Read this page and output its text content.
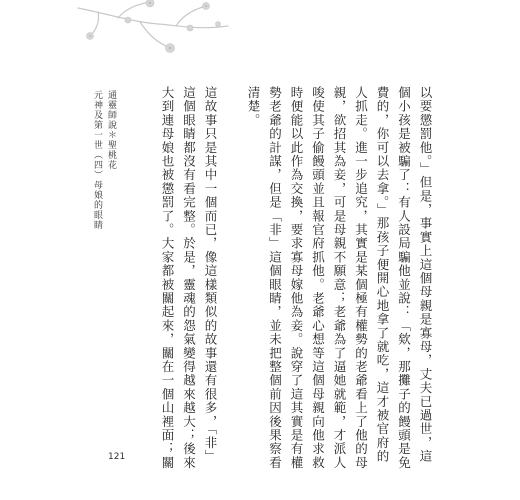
通靈師說＊聖桃花
元神及第一世（四）母娘的眼睛	以要懲罰他。」但是，事實上這個母親是寡母，丈夫已過世，這
個小孩是被騙了：有人設局騙他並說：「欸，那攤子的饅頭是免
費的，你可以去拿。」那孩子便開心地拿了就吃，這才被官府的
人抓走。進一步追究，其實是某個極有權勢的老爺看上了他的母
親，欲招其為妾，可是母親不願意；老爺為了逼她就範，才派人
唆使其子偷饅頭並且報官府抓他。老爺心想等這個母親向他求救
時便能以此作為交換，要求寡母嫁他為妾。說穿了這其實是有權
勢老爺的計謀，但是「非」這個眼睛，並未把整個前因後果察看
清楚。

這故事只是其中一個而已，像這樣類似的故事還有很多，「非」
這個眼睛都沒有看完整。於是，靈魂的怨氣變得越來越大；後來
大到連母娘也被懲罰了。大家都被關起來，關在一個山裡面；關
121
